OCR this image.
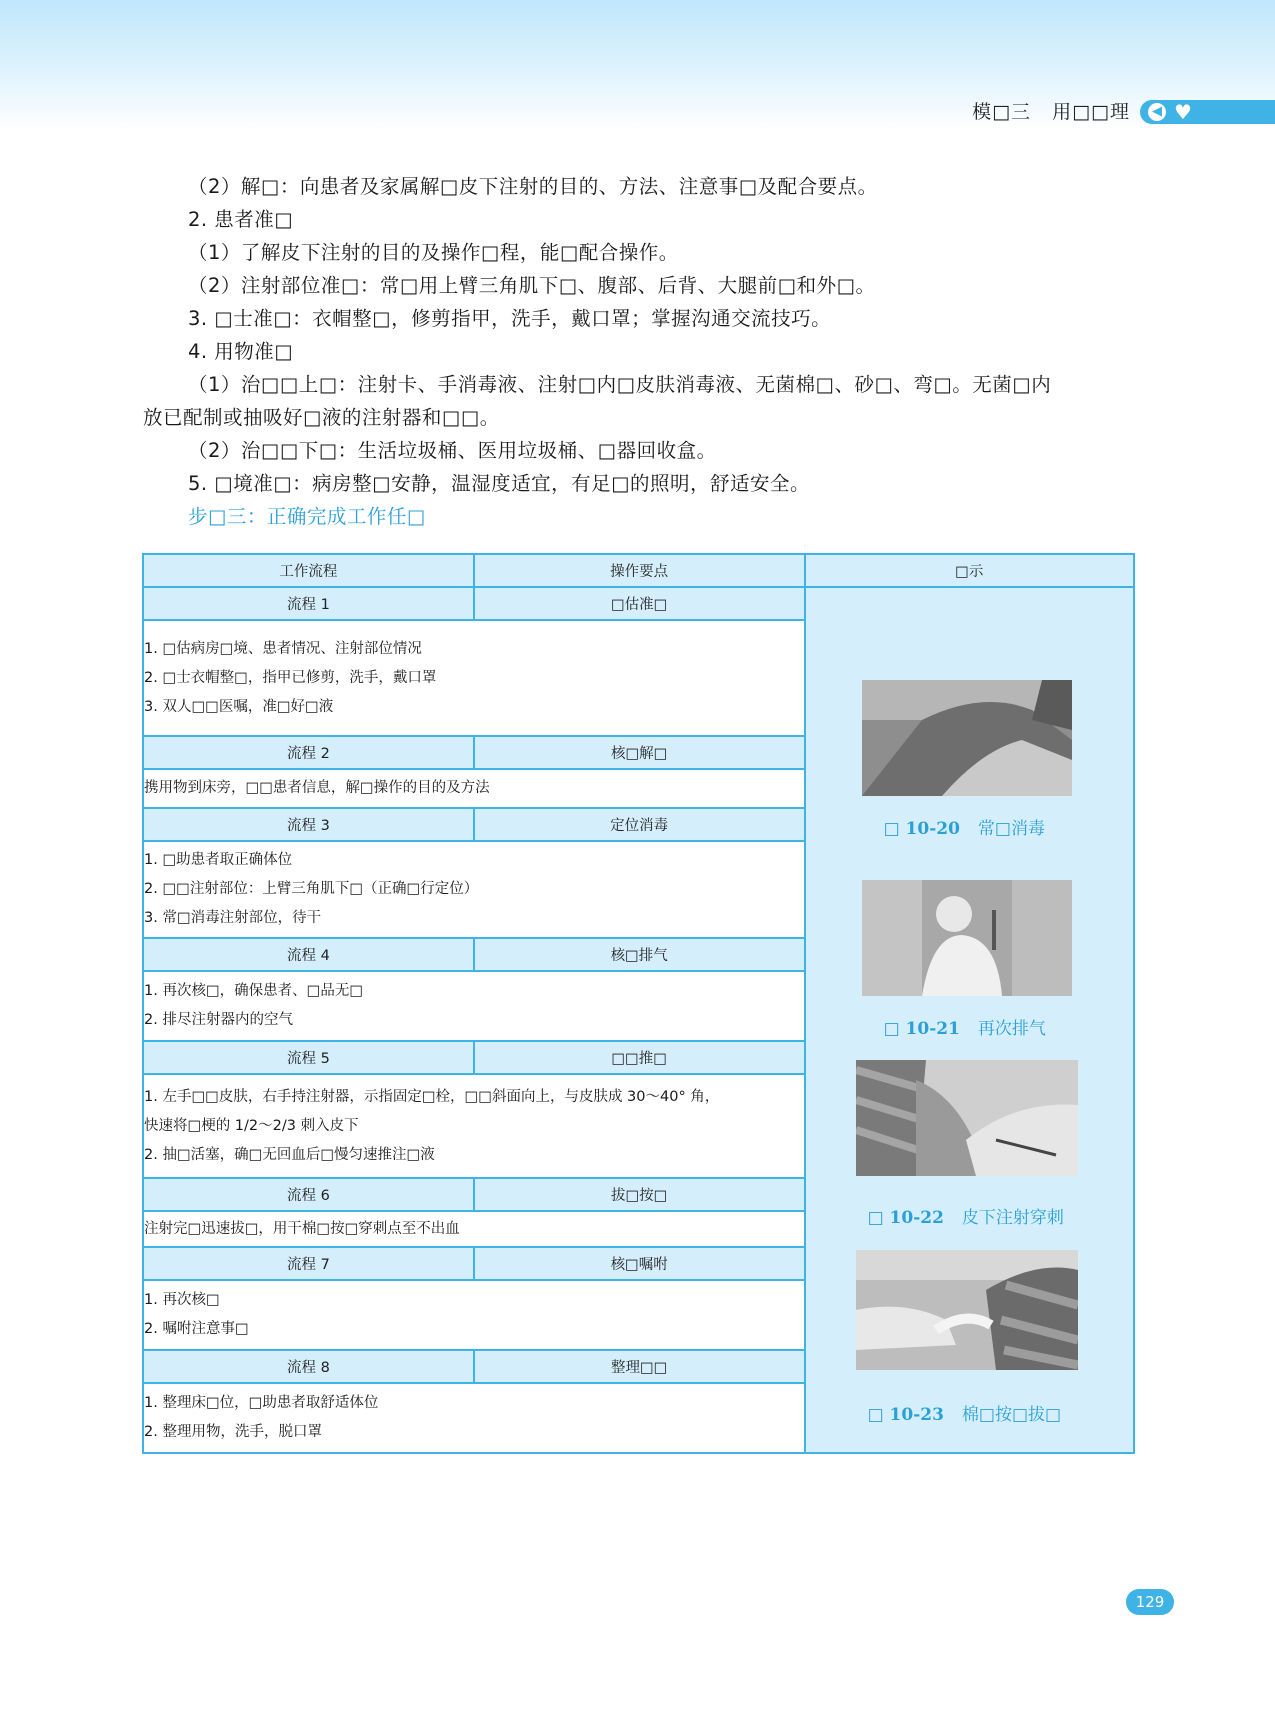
模□三 用□□理	◀ ♥

（2）解□：向患者及家属解□皮下注射的目的、方法、注意事□及配合要点。

2. 患者准□

（1）了解皮下注射的目的及操作□程，能□配合操作。

（2）注射部位准□：常□用上臂三角肌下□、腹部、后背、大腿前□和外□。

3. □士准□：衣帽整□，修剪指甲，洗手，戴口罩；掌握沟通交流技巧。

4. 用物准□

（1）治□□上□：注射卡、手消毒液、注射□内□皮肤消毒液、无菌棉□、砂□、弯□。无菌□内

放已配制或抽吸好□液的注射器和□□。

（2）治□□下□：生活垃圾桶、医用垃圾桶、□器回收盒。

5. □境准□：病房整□安静，温湿度适宜，有足□的照明，舒适安全。

步□三：正确完成工作任□

工作流程	操作要点	□示
流程 1	□估准□	□ 10-20 常□消毒
□ 10-21 再次排气
□ 10-22 皮下注射穿刺
□ 10-23 棉□按□拔□

1. □估病房□境、患者情况、注射部位情况
2. □士衣帽整□，指甲已修剪，洗手，戴口罩
3. 双人□□医嘱，准□好□液		

流程 2	核□解□	

携用物到床旁，□□患者信息，解□操作的目的及方法		

流程 3	定位消毒	

1. □助患者取正确体位
2. □□注射部位：上臂三角肌下□（正确□行定位）
3. 常□消毒注射部位，待干		

流程 4	核□排气	

1. 再次核□，确保患者、□品无□
2. 排尽注射器内的空气		

流程 5	□□推□	

1. 左手□□皮肤，右手持注射器，示指固定□栓，□□斜面向上，与皮肤成 30～40° 角，
快速将□梗的 1/2～2/3 刺入皮下
2. 抽□活塞，确□无回血后□慢匀速推注□液		

流程 6	拔□按□	

注射完□迅速拔□，用干棉□按□穿刺点至不出血		

流程 7	核□嘱咐	

1. 再次核□
2. 嘱咐注意事□		

流程 8	整理□□	

1. 整理床□位，□助患者取舒适体位
2. 整理用物，洗手，脱口罩		
129
